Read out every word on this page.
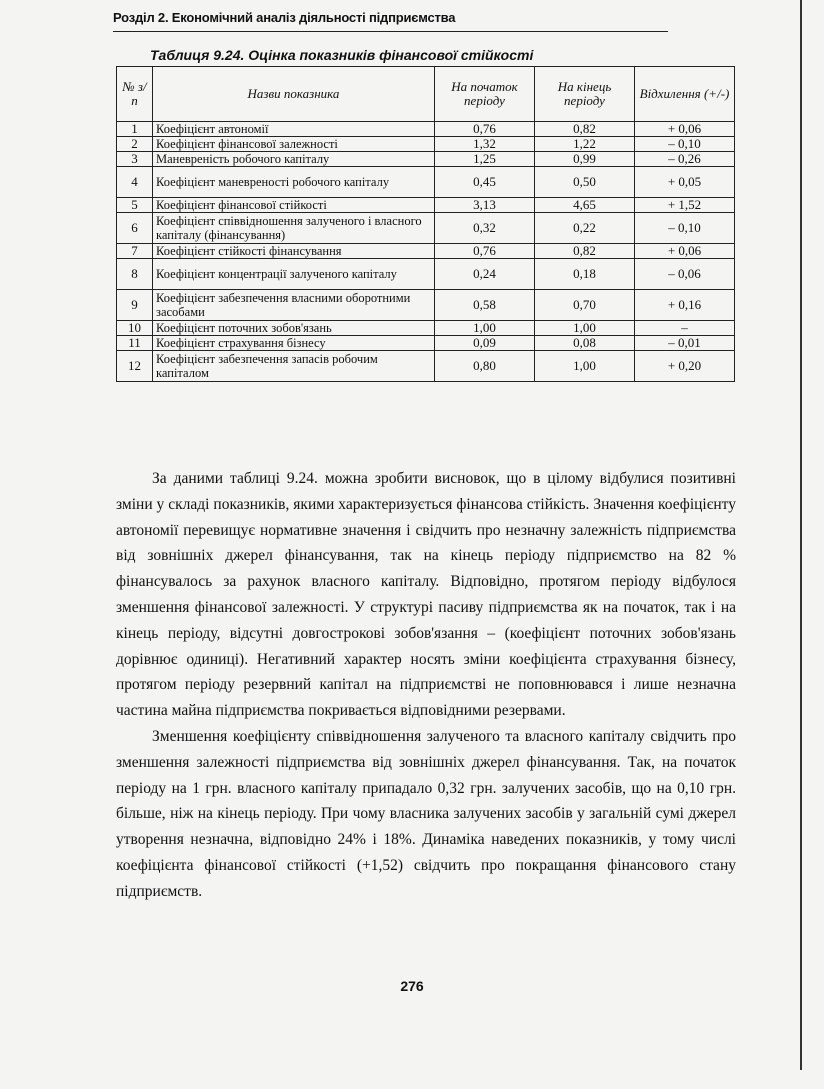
Розділ 2. Економічний аналіз діяльності підприємства
Таблиця 9.24. Оцінка показників фінансової стійкості
№ з/п	Назви показника	На початок періоду	На кінець періоду	Відхилення (+/-)
1	Коефіцієнт автономії	0,76	0,82	+ 0,06
2	Коефіцієнт фінансової залежності	1,32	1,22	– 0,10
3	Маневреність робочого капіталу	1,25	0,99	– 0,26
4	Коефіцієнт маневреності робочого капіталу	0,45	0,50	+ 0,05
5	Коефіцієнт фінансової стійкості	3,13	4,65	+ 1,52
6	Коефіцієнт співвідношення залученого і власного капіталу (фінансування)	0,32	0,22	– 0,10
7	Коефіцієнт стійкості фінансування	0,76	0,82	+ 0,06
8	Коефіцієнт концентрації залученого капіталу	0,24	0,18	– 0,06
9	Коефіцієнт забезпечення власними оборотними засобами	0,58	0,70	+ 0,16
10	Коефіцієнт поточних зобов'язань	1,00	1,00	–
11	Коефіцієнт страхування бізнесу	0,09	0,08	– 0,01
12	Коефіцієнт забезпечення запасів робочим капіталом	0,80	1,00	+ 0,20

За даними таблиці 9.24. можна зробити висновок, що в цілому відбулися позитивні зміни у складі показників, якими характеризується фінансова стійкість. Значення коефіцієнту автономії перевищує нормативне значення і свідчить про незначну залежність підприємства від зовнішніх джерел фінансування, так на кінець періоду підприємство на 82 % фінансувалось за рахунок власного капіталу. Відповідно, протягом періоду відбулося зменшення фінансової залежності. У структурі пасиву підприємства як на початок, так і на кінець періоду, відсутні довгострокові зобов'язання – (коефіцієнт поточних зобов'язань дорівнює одиниці). Негативний характер носять зміни коефіцієнта страхування бізнесу, протягом періоду резервний капітал на підприємстві не поповнювався і лише незначна частина майна підприємства покривається відповідними резервами.

Зменшення коефіцієнту співвідношення залученого та власного капіталу свідчить про зменшення залежності підприємства від зовнішніх джерел фінансування. Так, на початок періоду на 1 грн. власного капіталу припадало 0,32 грн. залучених засобів, що на 0,10 грн. більше, ніж на кінець періоду. При чому власника залучених засобів у загальній сумі джерел утворення незначна, відповідно 24% і 18%. Динаміка наведених показників, у тому числі коефіцієнта фінансової стійкості (+1,52) свідчить про покращання фінансового стану підприємств.

276
